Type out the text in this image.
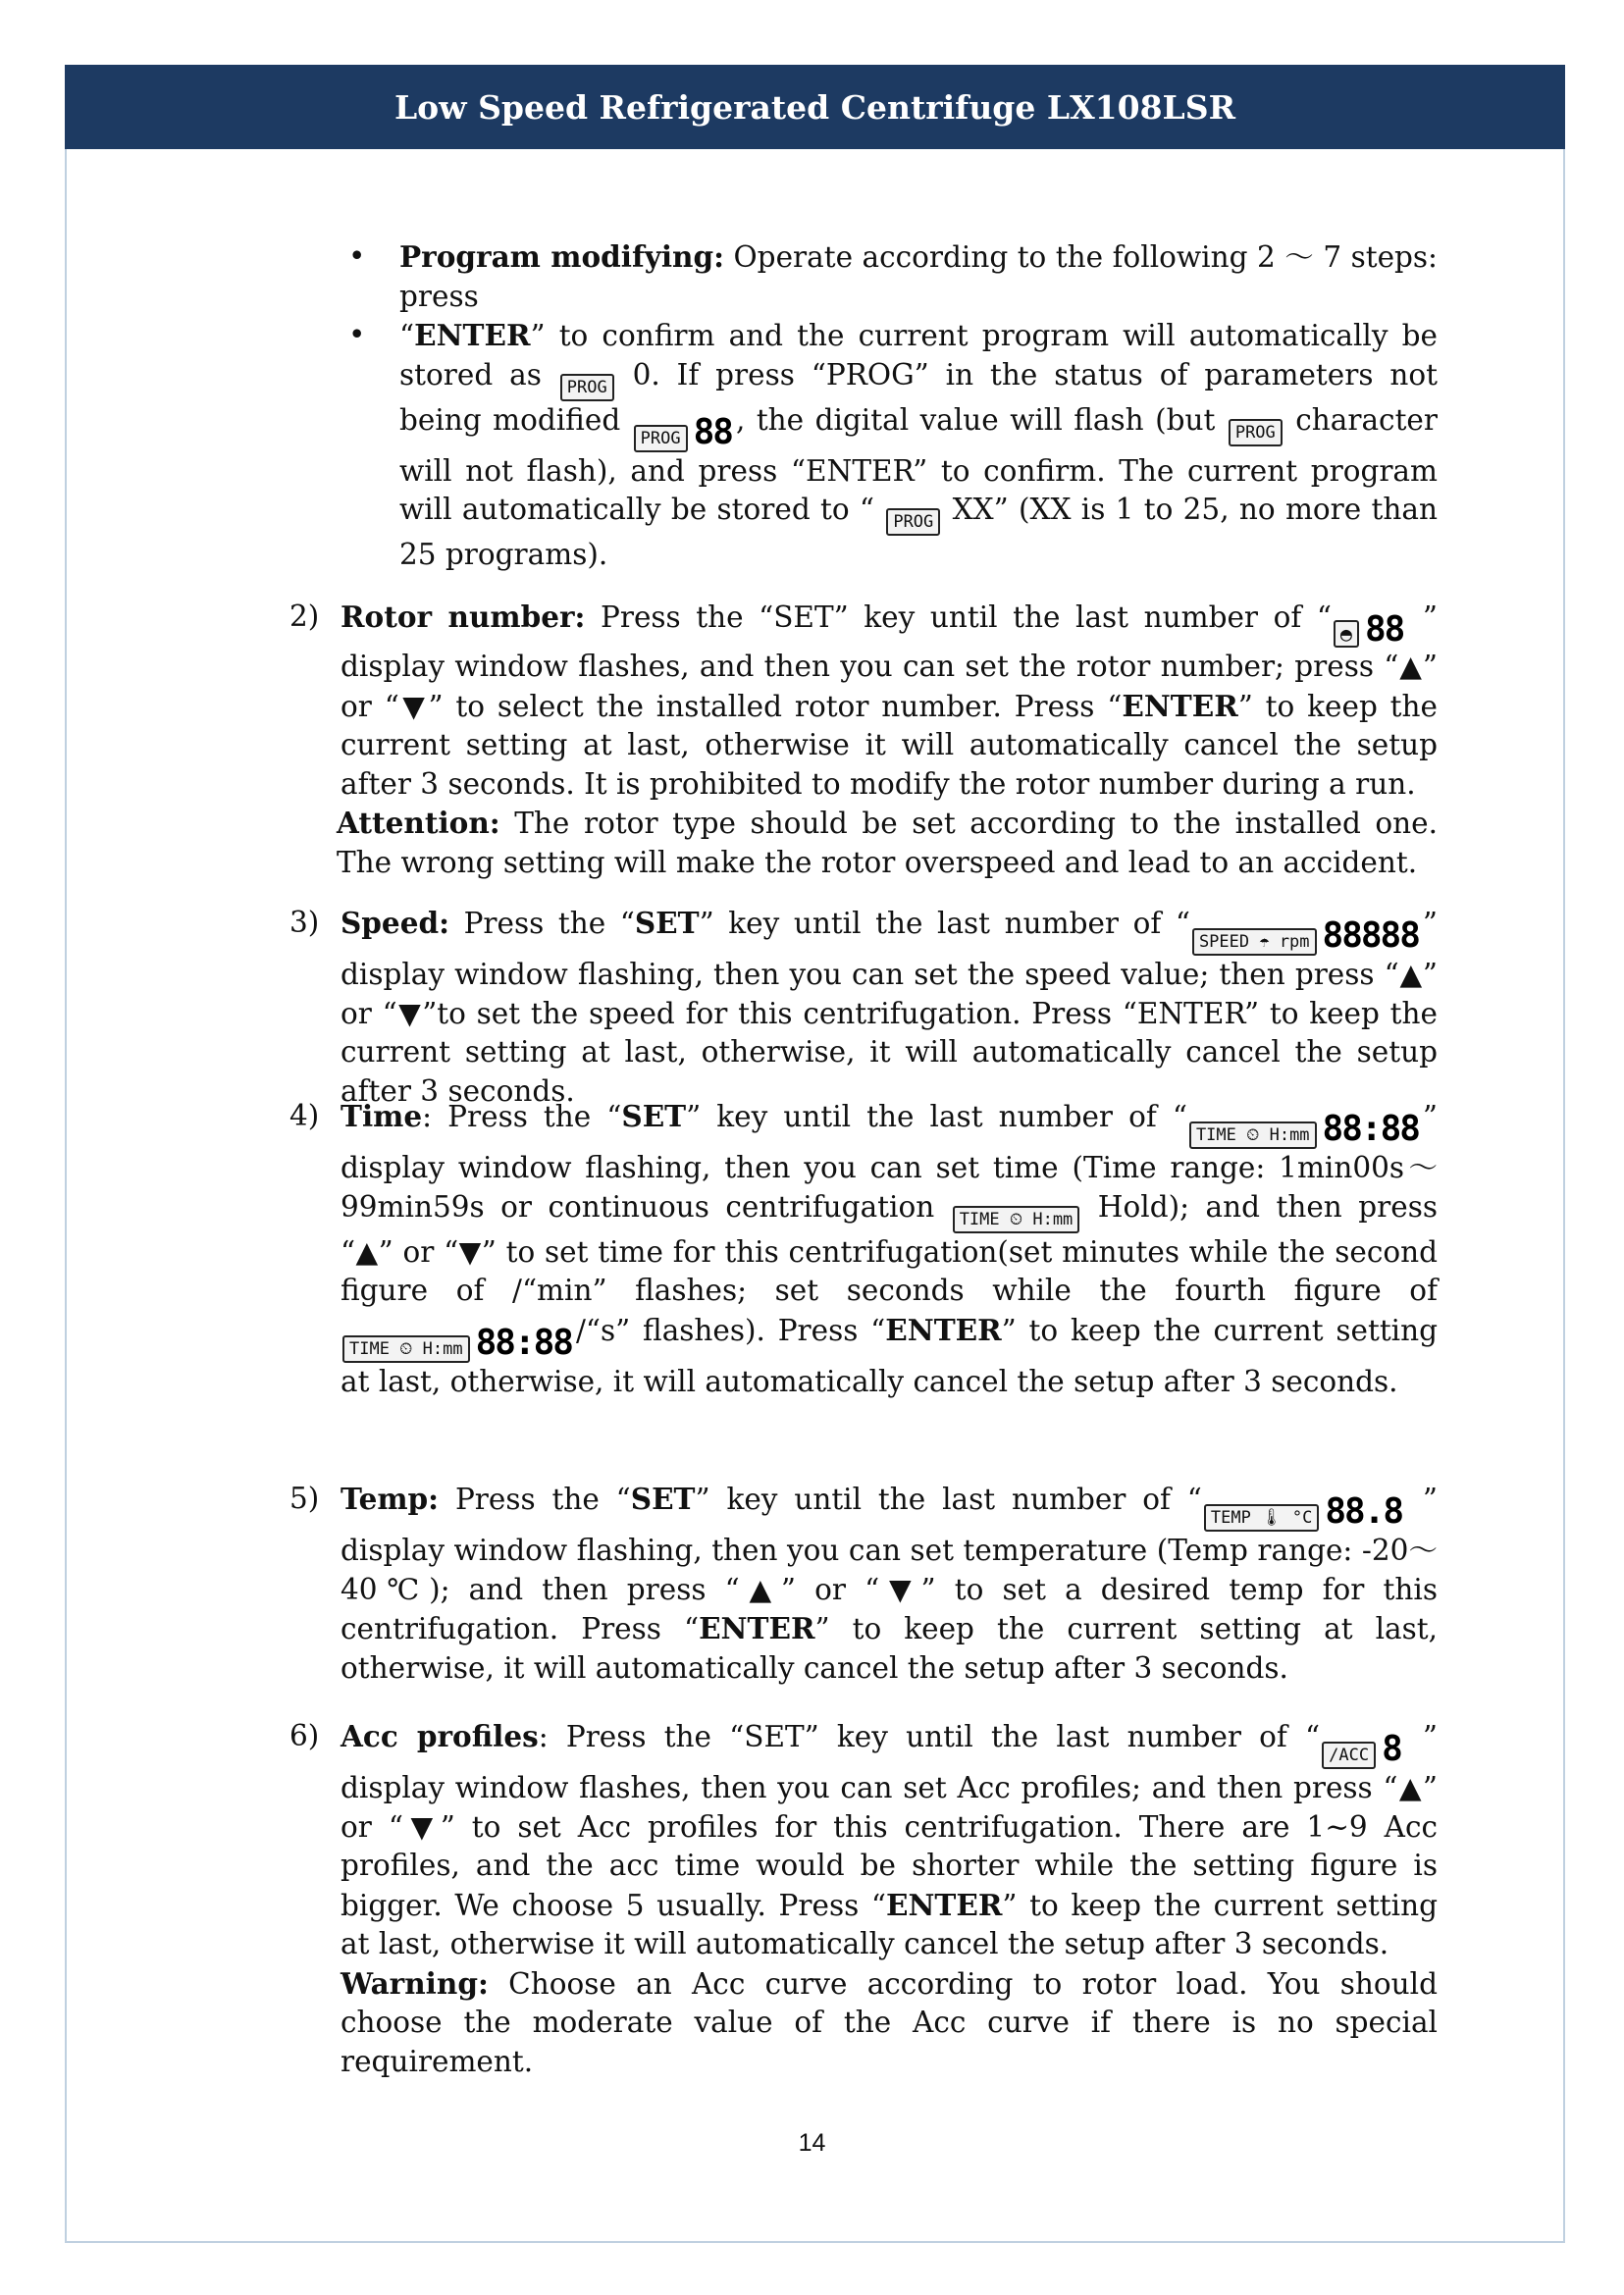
Low Speed Refrigerated Centrifuge LX108LSR
• Program modifying: Operate according to the following 2 ～ 7 steps: press
• “ENTER” to confirm and the current program will automatically be stored as PROG 0. If press “PROG” in the status of parameters not being modified PROG 88 , the digital value will flash (but PROG character will not flash), and press “ENTER” to confirm. The current program will automatically be stored to “ PROG XX” (XX is 1 to 25, no more than 25 programs).
2) Rotor number: Press the “SET” key until the last number of “ ◓ 88 ” display window flashes, and then you can set the rotor number; press “▲” or “▼” to select the installed rotor number. Press “ENTER” to keep the current setting at last, otherwise it will automatically cancel the setup after 3 seconds. It is prohibited to modify the rotor number during a run.
Attention: The rotor type should be set according to the installed one. The wrong setting will make the rotor overspeed and lead to an accident.
3) Speed: Press the “SET” key until the last number of “SPEED ☂ rpm 88888 ” display window flashing, then you can set the speed value; then press “▲” or “▼”to set the speed for this centrifugation. Press “ENTER” to keep the current setting at last, otherwise, it will automatically cancel the setup after 3 seconds.
4) Time: Press the “SET” key until the last number of “TIME ⏲ H:mm 88:88 ” display window flashing, then you can set time (Time range: 1min00s～99min59s or continuous centrifugation TIME ⏲ H:mm Hold); and then press “▲” or “▼” to set time for this centrifugation(set minutes while the second figure of /“min” flashes; set seconds while the fourth figure of TIME ⏲ H:mm 88:88 /“s” flashes). Press “ENTER” to keep the current setting at last, otherwise, it will automatically cancel the setup after 3 seconds.
5) Temp: Press the “SET” key until the last number of “TEMP 🌡 °C 88.8 ” display window flashing, then you can set temperature (Temp range: -20～40℃); and then press “▲” or “▼” to set a desired temp for this centrifugation. Press “ENTER” to keep the current setting at last, otherwise, it will automatically cancel the setup after 3 seconds.
6) Acc profiles: Press the “SET” key until the last number of “∕ACC 8 ” display window flashes, then you can set Acc profiles; and then press “▲” or “▼” to set Acc profiles for this centrifugation. There are 1~9 Acc profiles, and the acc time would be shorter while the setting figure is bigger. We choose 5 usually. Press “ENTER” to keep the current setting at last, otherwise it will automatically cancel the setup after 3 seconds.
Warning: Choose an Acc curve according to rotor load. You should choose the moderate value of the Acc curve if there is no special requirement.
14
